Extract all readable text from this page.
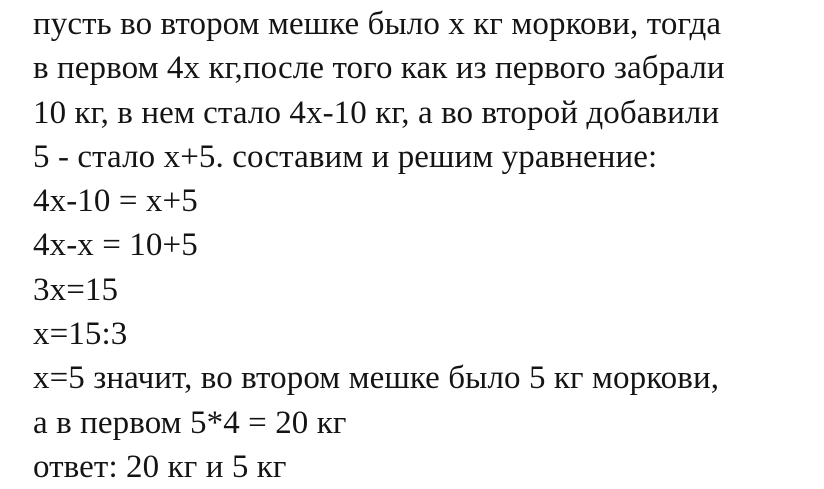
пусть во втором мешке было х кг моркови, тогда
в первом 4х кг,после того как из первого забрали
10 кг, в нем стало 4х-10 кг, а во второй добавили
5 - стало х+5. составим и решим уравнение:
4х-10 = х+5
4х-х = 10+5
3х=15
х=15:3
х=5 значит, во втором мешке было 5 кг моркови,
а в первом 5*4 = 20 кг
ответ: 20 кг и 5 кг
